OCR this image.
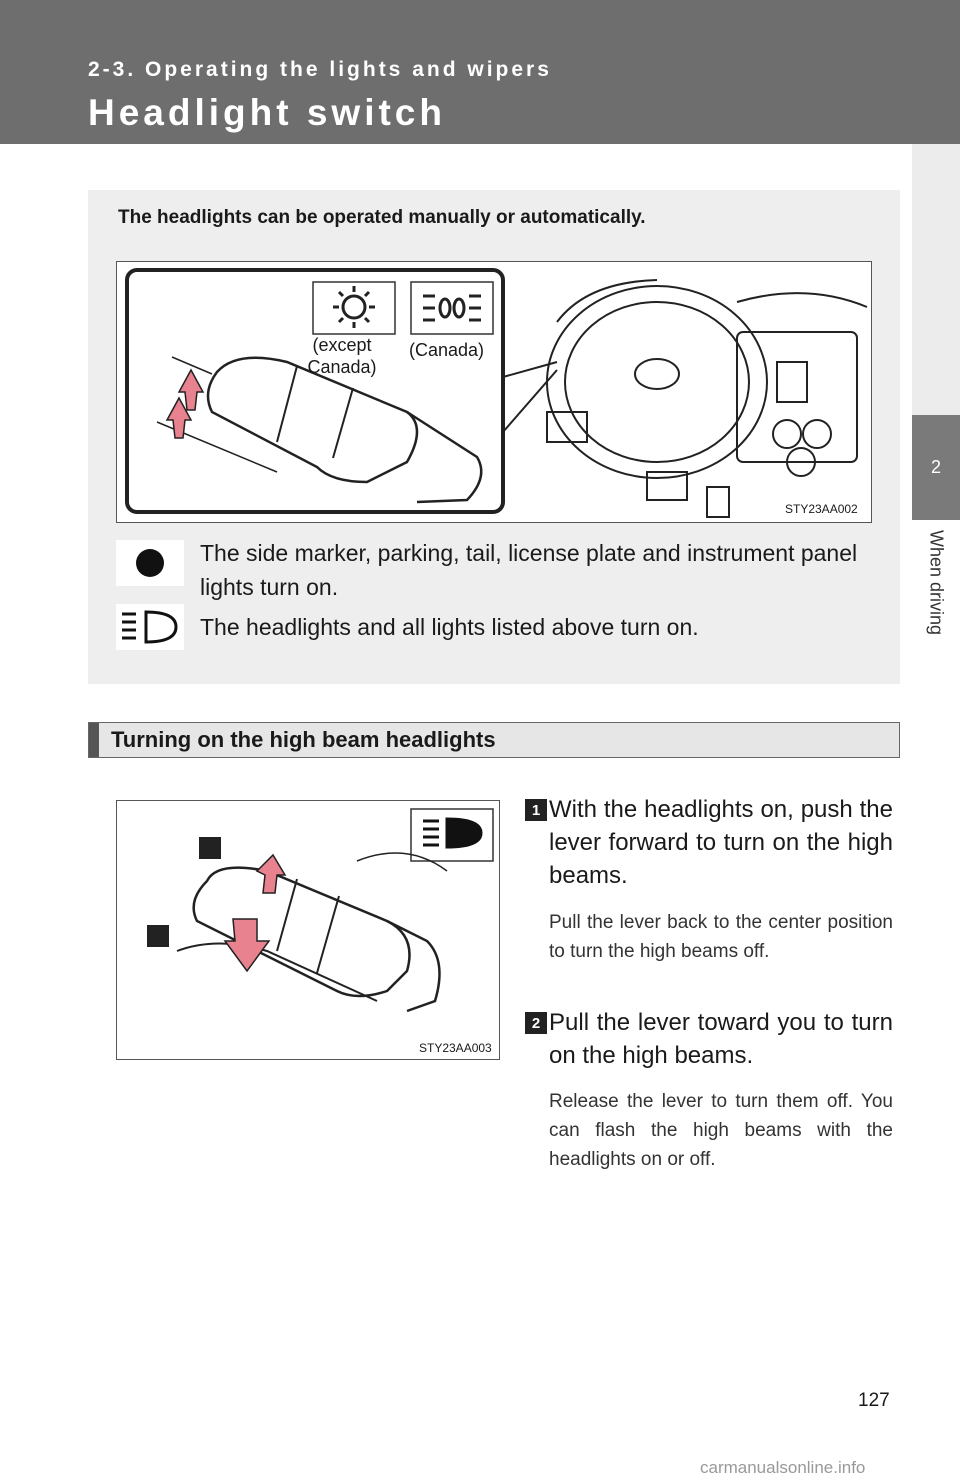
2-3. Operating the lights and wipers
Headlight switch
2
When driving
The headlights can be operated manually or automatically.
(except
Canada)
(Canada)
STY23AA002
The side marker, parking, tail, license plate and instrument panel lights turn on.
The headlights and all lights listed above turn on.
Turning on the high beam headlights
STY23AA003
1 With the headlights on, push the lever forward to turn on the high beams.
Pull the lever back to the center position to turn the high beams off.
2 Pull the lever toward you to turn on the high beams.
Release the lever to turn them off. You can flash the high beams with the headlights on or off.
127
carmanualsonline.info
